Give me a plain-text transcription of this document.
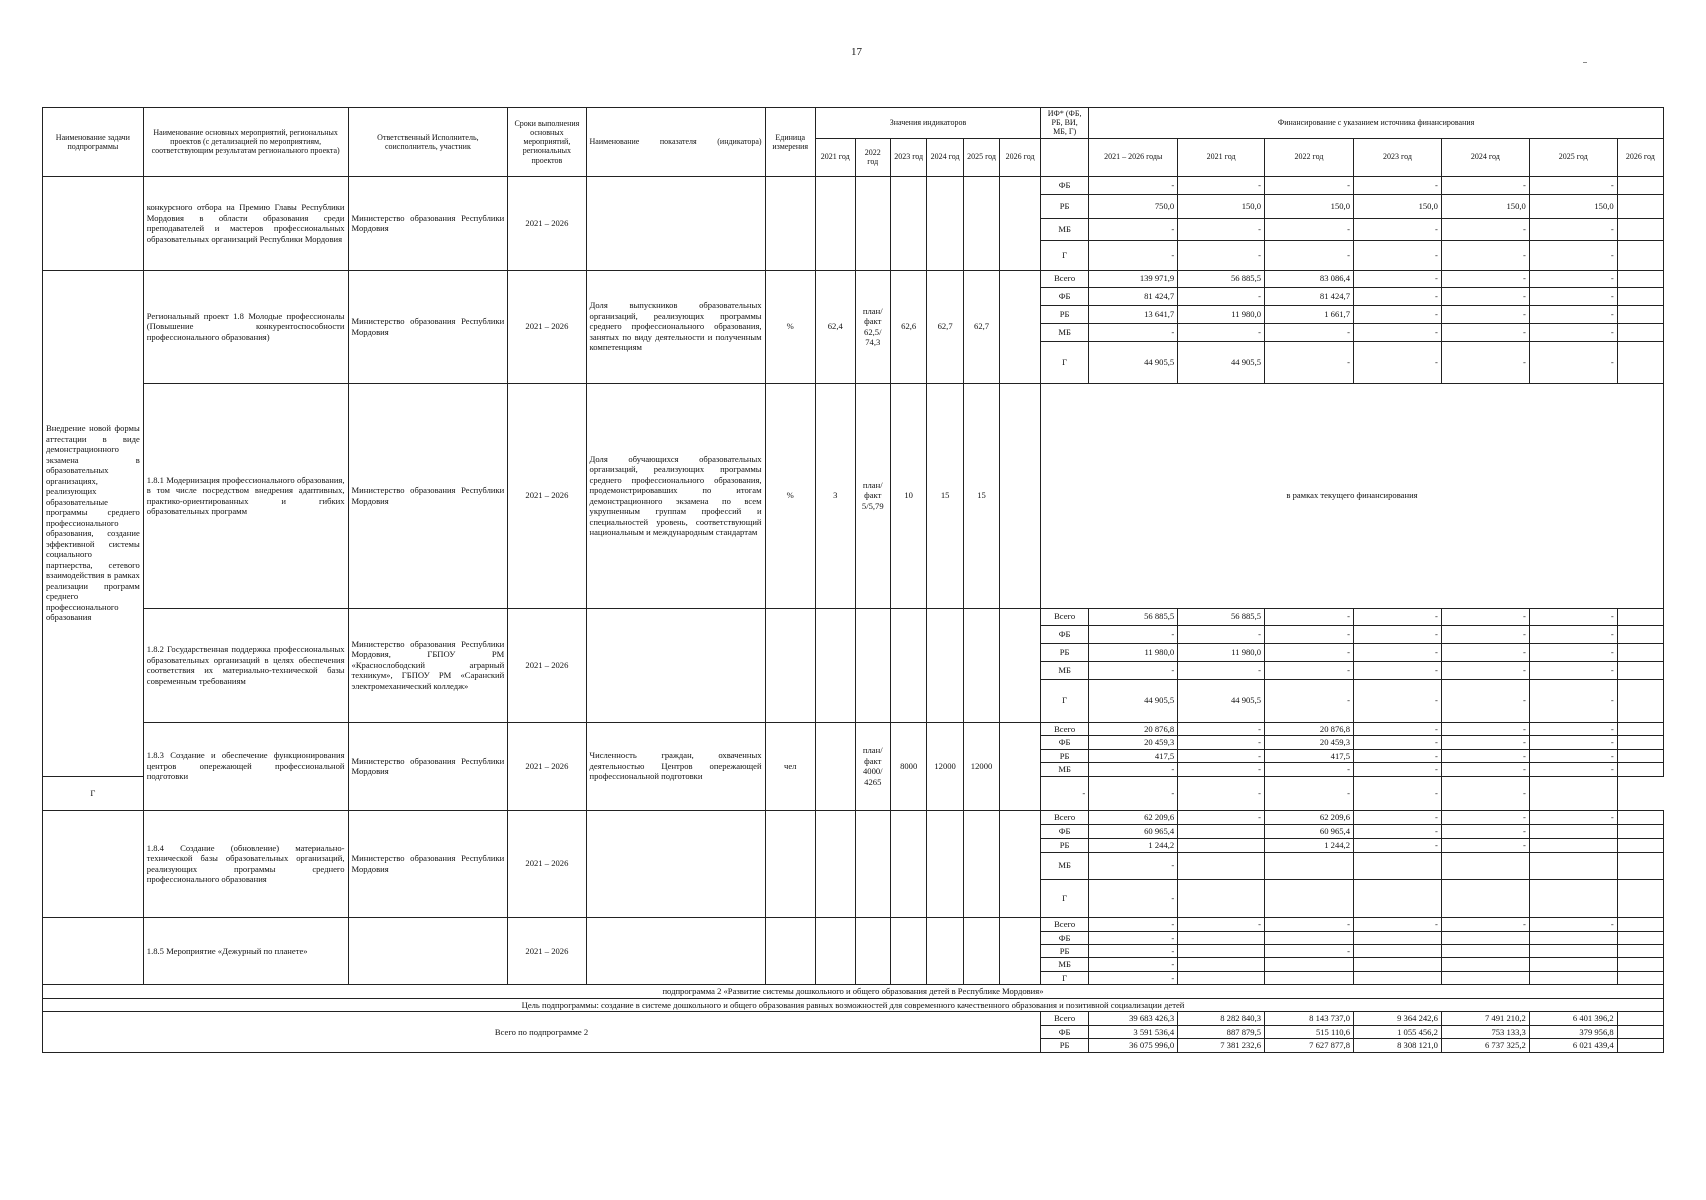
17
Наименование задачи подпрограммы	Наименование основных мероприятий, региональных проектов (с детализацией по мероприятиям, соответствующим результатам регионального проекта)	Ответственный Исполнитель, соисполнитель, участник	Сроки выполнения основных мероприятий, региональных проектов	Наименование показателя (индикатора)	Единица измерения	Значения индикаторов						ИФ* (ФБ, РБ, ВИ, МБ, Г)	Финансирование с указанием источника финансирования						
						2021 год	2022 год	2023 год	2024 год	2025 год	2026 год		2021 – 2026 годы	2021 год	2022 год	2023 год	2024 год	2025 год	2026 год
	конкурсного отбора на Премию Главы Республики Мордовия в области образования среди преподавателей и мастеров профессиональных образовательных организаций Республики Мордовия	Министерство образования Республики Мордовия	2021 – 2026									ФБ	-	-	-	-	-	-	
												РБ	750,0	150,0	150,0	150,0	150,0	150,0	
												МБ	-	-	-	-	-	-	
												Г	-	-	-	-	-	-	
Внедрение новой формы аттестации в виде демонстрационного экзамена в образовательных организациях, реализующих образовательные программы среднего профессионального образования, создание эффективной системы социального партнерства, сетевого взаимодействия в рамках реализации программ среднего профессионального образования	Региональный проект 1.8 Молодые профессионалы (Повышение конкурентоспособности профессионального образования)	Министерство образования Республики Мордовия	2021 – 2026	Доля выпускников образовательных организаций, реализующих программы среднего профессионального образования, занятых по виду деятельности и полученным компетенциям	%	62,4	план/ факт 62,5/ 74,3	62,6	62,7	62,7		Всего	139 971,9	56 885,5	83 086,4	-	-	-	
												ФБ	81 424,7	-	81 424,7	-	-	-	
												РБ	13 641,7	11 980,0	1 661,7	-	-	-	
												МБ	-	-	-	-	-	-	
												Г	44 905,5	44 905,5	-	-	-	-	
	1.8.1 Модернизация профессионального образования, в том числе посредством внедрения адаптивных, практико-ориентированных и гибких образовательных программ	Министерство образования Республики Мордовия	2021 – 2026	Доля обучающихся образовательных организаций, реализующих программы среднего профессионального образования, продемонстрировавших по итогам демонстрационного экзамена по всем укрупненным группам профессий и специальностей уровень, соответствующий национальным и международным стандартам	%	3	план/ факт 5/5,79	10	15	15		в рамках текущего финансирования							
	1.8.2 Государственная поддержка профессиональных образовательных организаций в целях обеспечения соответствия их материально-технической базы современным требованиям	Министерство образования Республики Мордовия, ГБПОУ РМ «Краснослободский аграрный техникум», ГБПОУ РМ «Саранский электромеханический колледж»	2021 – 2026									Всего	56 885,5	56 885,5	-	-	-	-	
												ФБ	-	-	-	-	-	-	
												РБ	11 980,0	11 980,0	-	-	-	-	
												МБ	-	-	-	-	-	-	
												Г	44 905,5	44 905,5	-	-	-	-	
	1.8.3 Создание и обеспечение функционирования центров опережающей профессиональной подготовки	Министерство образования Республики Мордовия	2021 – 2026	Численность граждан, охваченных деятельностью Центров опережающей профессиональной подготовки	чел		план/ факт 4000/ 4265	8000	12000	12000		Всего	20 876,8	-	20 876,8	-	-	-	
												ФБ	20 459,3	-	20 459,3	-	-	-	
												РБ	417,5	-	417,5	-	-	-	
												МБ	-	-	-	-	-	-	
Г												-	-	-	-	-	-		
	1.8.4 Создание (обновление) материально-технической базы образовательных организаций, реализующих программы среднего профессионального образования	Министерство образования Республики Мордовия	2021 – 2026									Всего	62 209,6	-	62 209,6	-	-	-	
												ФБ	60 965,4		60 965,4	-	-		
												РБ	1 244,2		1 244,2	-	-		
												МБ	-						
												Г	-						
	1.8.5 Мероприятие «Дежурный по планете»		2021 – 2026									Всего	-	-	-	-	-	-	
												ФБ	-						
												РБ	-		-				
												МБ	-						
												Г	-						
подпрограмма 2 «Развитие системы дошкольного и общего образования детей в Республике Мордовия»																			
Цель подпрограммы: создание в системе дошкольного и общего образования равных возможностей для современного качественного образования и позитивной социализации детей																			
Всего по подпрограмме 2												Всего	39 683 426,3	8 282 840,3	8 143 737,0	9 364 242,6	7 491 210,2	6 401 396,2	
												ФБ	3 591 536,4	887 879,5	515 110,6	1 055 456,2	753 133,3	379 956,8	
												РБ	36 075 996,0	7 381 232,6	7 627 877,8	8 308 121,0	6 737 325,2	6 021 439,4	
